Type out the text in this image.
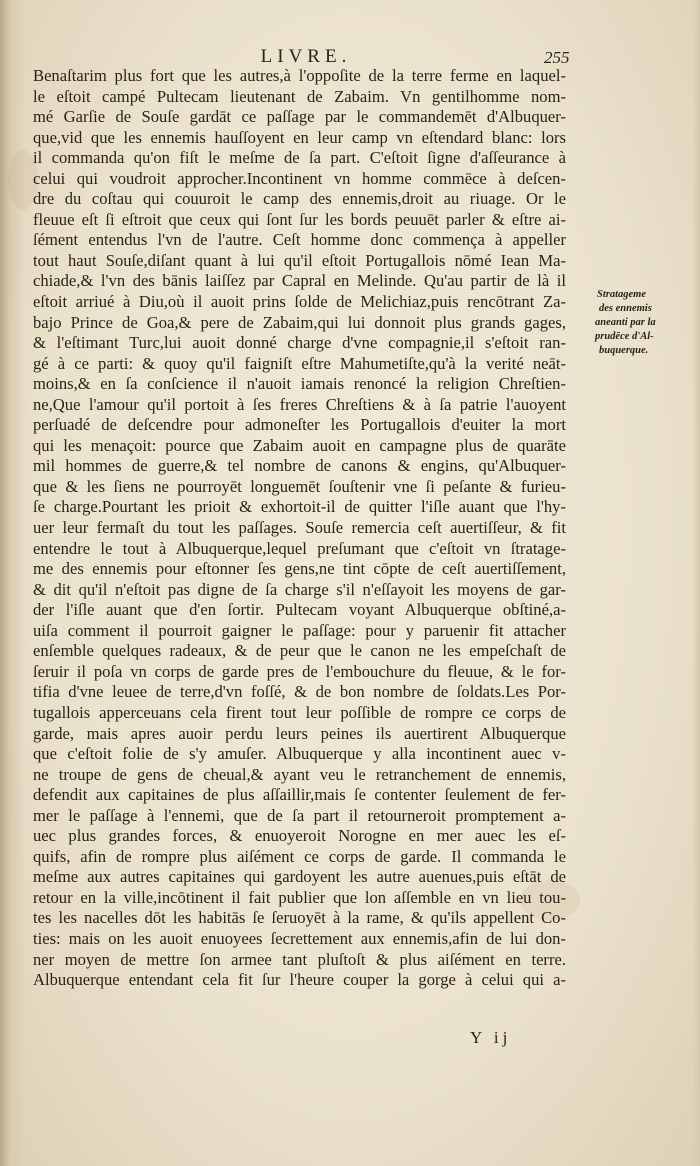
LIVRE.	255
Benaſtarim plus fort que les autres,à l'oppoſite de la terre ferme en laquel-
le eſtoit campé Pultecam lieutenant de Zabaim. Vn gentilhomme nom-
mé Garſie de Souſe gardāt ce paſſage par le commandemēt d'Albuquer-
que,vid que les ennemis hauſſoyent en leur camp vn eſtendard blanc: lors
il commanda qu'on fiſt le meſme de ſa part. C'eſtoit ſigne d'aſſeurance à
celui qui voudroit approcher.Incontinent vn homme commēce à deſcen-
dre du coſtau qui couuroit le camp des ennemis,droit au riuage. Or le
fleuue eſt ſi eſtroit que ceux qui ſont ſur les bords peuuēt parler & eſtre ai-
ſément entendus l'vn de l'autre. Ceſt homme donc commença à appeller
tout haut Souſe,diſant quant à lui qu'il eſtoit Portugallois nōmé Iean Ma-
chiade,& l'vn des bānis laiſſez par Capral en Melinde. Qu'au partir de là il
eſtoit arriué à Diu,où il auoit prins ſolde de Melichiaz,puis rencōtrant Za-
bajo Prince de Goa,& pere de Zabaim,qui lui donnoit plus grands gages,
& l'eſtimant Turc,lui auoit donné charge d'vne compagnie,il s'eſtoit ran-
gé à ce parti: & quoy qu'il faigniſt eſtre Mahumetiſte,qu'à la verité neāt-
moins,& en ſa conſcience il n'auoit iamais renoncé la religion Chreſtien-
ne,Que l'amour qu'il portoit à ſes freres Chreſtiens & à ſa patrie l'auoyent
perſuadé de deſcendre pour admoneſter les Portugallois d'euiter la mort
qui les menaçoit: pource que Zabaim auoit en campagne plus de quarāte
mil hommes de guerre,& tel nombre de canons & engins, qu'Albuquer-
que & les ſiens ne pourroyēt longuemēt ſouſtenir vne ſi peſante & furieu-
ſe charge.Pourtant les prioit & exhortoit-il de quitter l'iſle auant que l'hy-
uer leur fermaſt du tout les paſſages. Souſe remercia ceſt auertiſſeur, & fit
entendre le tout à Albuquerque,lequel preſumant que c'eſtoit vn ſtratage-
me des ennemis pour eſtonner ſes gens,ne tint cōpte de ceſt auertiſſement,
& dit qu'il n'eſtoit pas digne de ſa charge s'il n'eſſayoit les moyens de gar-
der l'iſle auant que d'en ſortir. Pultecam voyant Albuquerque obſtiné,a-
uiſa comment il pourroit gaigner le paſſage: pour y paruenir fit attacher
enſemble quelques radeaux, & de peur que le canon ne les empeſchaſt de
ſeruir il poſa vn corps de garde pres de l'embouchure du fleuue, & le for-
tifia d'vne leuee de terre,d'vn foſſé, & de bon nombre de ſoldats.Les Por-
tugallois apperceuans cela firent tout leur poſſible de rompre ce corps de
garde, mais apres auoir perdu leurs peines ils auertirent Albuquerque
que c'eſtoit folie de s'y amuſer. Albuquerque y alla incontinent auec v-
ne troupe de gens de cheual,& ayant veu le retranchement de ennemis,
defendit aux capitaines de plus aſſaillir,mais ſe contenter ſeulement de fer-
mer le paſſage à l'ennemi, que de ſa part il retourneroit promptement a-
uec plus grandes forces, & enuoyeroit Norogne en mer auec les eſ-
quifs, afin de rompre plus aiſément ce corps de garde. Il commanda le
meſme aux autres capitaines qui gardoyent les autre auenues,puis eſtāt de
retour en la ville,incōtinent il fait publier que lon aſſemble en vn lieu tou-
tes les nacelles dōt les habitās ſe ſeruoyēt à la rame, & qu'ils appellent Co-
ties: mais on les auoit enuoyees ſecrettement aux ennemis,afin de lui don-
ner moyen de mettre ſon armee tant pluſtoſt & plus aiſément en terre.
Albuquerque entendant cela fit ſur l'heure couper la gorge à celui qui a-
Stratageme
des ennemis
aneanti par la
prudēce d'Al-
buquerque.
Y ij
